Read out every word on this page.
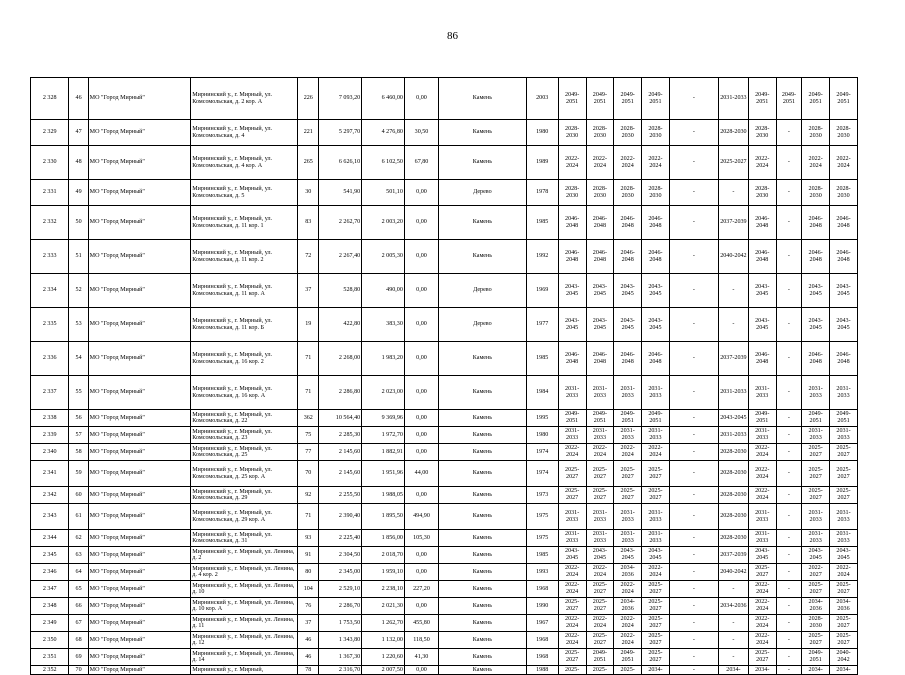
86
2 328	46	МО "Город Мирный"	Мирнинский у., г. Мирный, ул. Комсомольская, д. 2 кор. А	226	7 093,20	6 460,00	0,00	Камень	2003	2049-2051	2049-2051	2049-2051	2049-2051	-	2031-2033	2049-2051	2049-2051	2049-2051	2049-2051
2 329	47	МО "Город Мирный"	Мирнинский у., г. Мирный, ул. Комсомольская, д. 4	221	5 297,70	4 276,80	30,50	Камень	1980	2028-2030	2028-2030	2028-2030	2028-2030	-	2028-2030	2028-2030	-	2028-2030	2028-2030
2 330	48	МО "Город Мирный"	Мирнинский у., г. Мирный, ул. Комсомольская, д. 4 кор. А	265	6 626,10	6 102,50	67,80	Камень	1989	2022-2024	2022-2024	2022-2024	2022-2024	-	2025-2027	2022-2024	-	2022-2024	2022-2024
2 331	49	МО "Город Мирный"	Мирнинский у., г. Мирный, ул. Комсомольская, д. 5	30	541,90	501,10	0,00	Дерево	1978	2028-2030	2028-2030	2028-2030	2028-2030	-	-	2028-2030	-	2028-2030	2028-2030
2 332	50	МО "Город Мирный"	Мирнинский у., г. Мирный, ул. Комсомольская, д. 11 кор. 1	83	2 262,70	2 003,20	0,00	Камень	1985	2046-2048	2046-2048	2046-2048	2046-2048	-	2037-2039	2046-2048	-	2046-2048	2046-2048
2 333	51	МО "Город Мирный"	Мирнинский у., г. Мирный, ул. Комсомольская, д. 11 кор. 2	72	2 267,40	2 005,30	0,00	Камень	1992	2046-2048	2046-2048	2046-2048	2046-2048	-	2040-2042	2046-2048	-	2046-2048	2046-2048
2 334	52	МО "Город Мирный"	Мирнинский у., г. Мирный, ул. Комсомольская, д. 11 кор. А	37	528,80	490,00	0,00	Дерево	1969	2043-2045	2043-2045	2043-2045	2043-2045	-	-	2043-2045	-	2043-2045	2043-2045
2 335	53	МО "Город Мирный"	Мирнинский у., г. Мирный, ул. Комсомольская, д. 11 кор. Б	19	422,80	383,30	0,00	Дерево	1977	2043-2045	2043-2045	2043-2045	2043-2045	-	-	2043-2045	-	2043-2045	2043-2045
2 336	54	МО "Город Мирный"	Мирнинский у., г. Мирный, ул. Комсомольская, д. 16 кор. 2	71	2 268,00	1 983,20	0,00	Камень	1985	2046-2048	2046-2048	2046-2048	2046-2048	-	2037-2039	2046-2048	-	2046-2048	2046-2048
2 337	55	МО "Город Мирный"	Мирнинский у., г. Мирный, ул. Комсомольская, д. 16 кор. А	71	2 286,80	2 023,00	0,00	Камень	1984	2031-2033	2031-2033	2031-2033	2031-2033	-	2031-2033	2031-2033	-	2031-2033	2031-2033
2 338	56	МО "Город Мирный"	Мирнинский у., г. Мирный, ул. Комсомольская, д. 22	362	10 564,40	9 369,96	0,00	Камень	1995	2049-2051	2049-2051	2049-2051	2049-2051	-	2043-2045	2049-2051	-	2049-2051	2049-2051
2 339	57	МО "Город Мирный"	Мирнинский у., г. Мирный, ул. Комсомольская, д. 23	75	2 285,30	1 972,70	0,00	Камень	1980	2031-2033	2031-2033	2031-2033	2031-2033	-	2031-2033	2031-2033	-	2031-2033	2031-2033
2 340	58	МО "Город Мирный"	Мирнинский у., г. Мирный, ул. Комсомольская, д. 25	77	2 145,60	1 882,91	0,00	Камень	1974	2022-2024	2022-2024	2022-2024	2022-2024	-	2028-2030	2022-2024	-	2025-2027	2025-2027
2 341	59	МО "Город Мирный"	Мирнинский у., г. Мирный, ул. Комсомольская, д. 25 кор. А	70	2 145,60	1 951,96	44,00	Камень	1974	2025-2027	2025-2027	2025-2027	2025-2027	-	2028-2030	2022-2024	-	2025-2027	2025-2027
2 342	60	МО "Город Мирный"	Мирнинский у., г. Мирный, ул. Комсомольская, д. 29	92	2 255,50	1 988,05	0,00	Камень	1973	2025-2027	2025-2027	2025-2027	2025-2027	-	2028-2030	2022-2024	-	2025-2027	2025-2027
2 343	61	МО "Город Мирный"	Мирнинский у., г. Мирный, ул. Комсомольская, д. 29 кор. А	71	2 390,40	1 895,50	494,90	Камень	1975	2031-2033	2031-2033	2031-2033	2031-2033	-	2028-2030	2031-2033	-	2031-2033	2031-2033
2 344	62	МО "Город Мирный"	Мирнинский у., г. Мирный, ул. Комсомольская, д. 31	93	2 225,40	1 856,00	105,30	Камень	1975	2031-2033	2031-2033	2031-2033	2031-2033	-	2028-2030	2031-2033	-	2031-2033	2031-2033
2 345	63	МО "Город Мирный"	Мирнинский у., г. Мирный, ул. Ленина, д. 2	91	2 304,50	2 018,70	0,00	Камень	1985	2043-2045	2043-2045	2043-2045	2043-2045	-	2037-2039	2043-2045	-	2043-2045	2043-2045
2 346	64	МО "Город Мирный"	Мирнинский у., г. Мирный, ул. Ленина, д. 4 кор. 2	80	2 345,00	1 959,10	0,00	Камень	1993	2022-2024	2022-2024	2034-2036	2022-2024	-	2040-2042	2025-2027	-	2022-2027	2022-2024
2 347	65	МО "Город Мирный"	Мирнинский у., г. Мирный, ул. Ленина, д. 10	104	2 529,10	2 238,10	227,20	Камень	1968	2022-2024	2025-2027	2022-2024	2025-2027	-	-	2022-2024	-	2025-2027	2025-2027
2 348	66	МО "Город Мирный"	Мирнинский у., г. Мирный, ул. Ленина, д. 10 кор. А	76	2 286,70	2 021,30	0,00	Камень	1990	2025-2027	2025-2027	2034-2036	2025-2027	-	2034-2036	2022-2024	-	2034-2036	2034-2036
2 349	67	МО "Город Мирный"	Мирнинский у., г. Мирный, ул. Ленина, д. 11	37	1 753,50	1 262,70	455,80	Камень	1967	2022-2024	2022-2024	2022-2024	2025-2027	-	-	2022-2024	-	2028-2030	2025-2027
2 350	68	МО "Город Мирный"	Мирнинский у., г. Мирный, ул. Ленина, д. 12	46	1 343,80	1 132,00	118,50	Камень	1968	2022-2024	2025-2027	2022-2024	2025-2027	-	-	2022-2024	-	2025-2027	2025-2027
2 351	69	МО "Город Мирный"	Мирнинский у., г. Мирный, ул. Ленина, д. 14	46	1 367,30	1 220,60	41,30	Камень	1968	2025-2027	2049-2051	2049-2051	2025-2027	-	-	2025-2027	-	2049-2051	2040-2042
2 352	70	МО "Город Мирный"	Мирнинский у., г. Мирный,	78	2 316,70	2 007,50	0,00	Камень	1988	2025-	2025-	2025-	2034-	-	2034-	2034-	-	2034-	2034-
